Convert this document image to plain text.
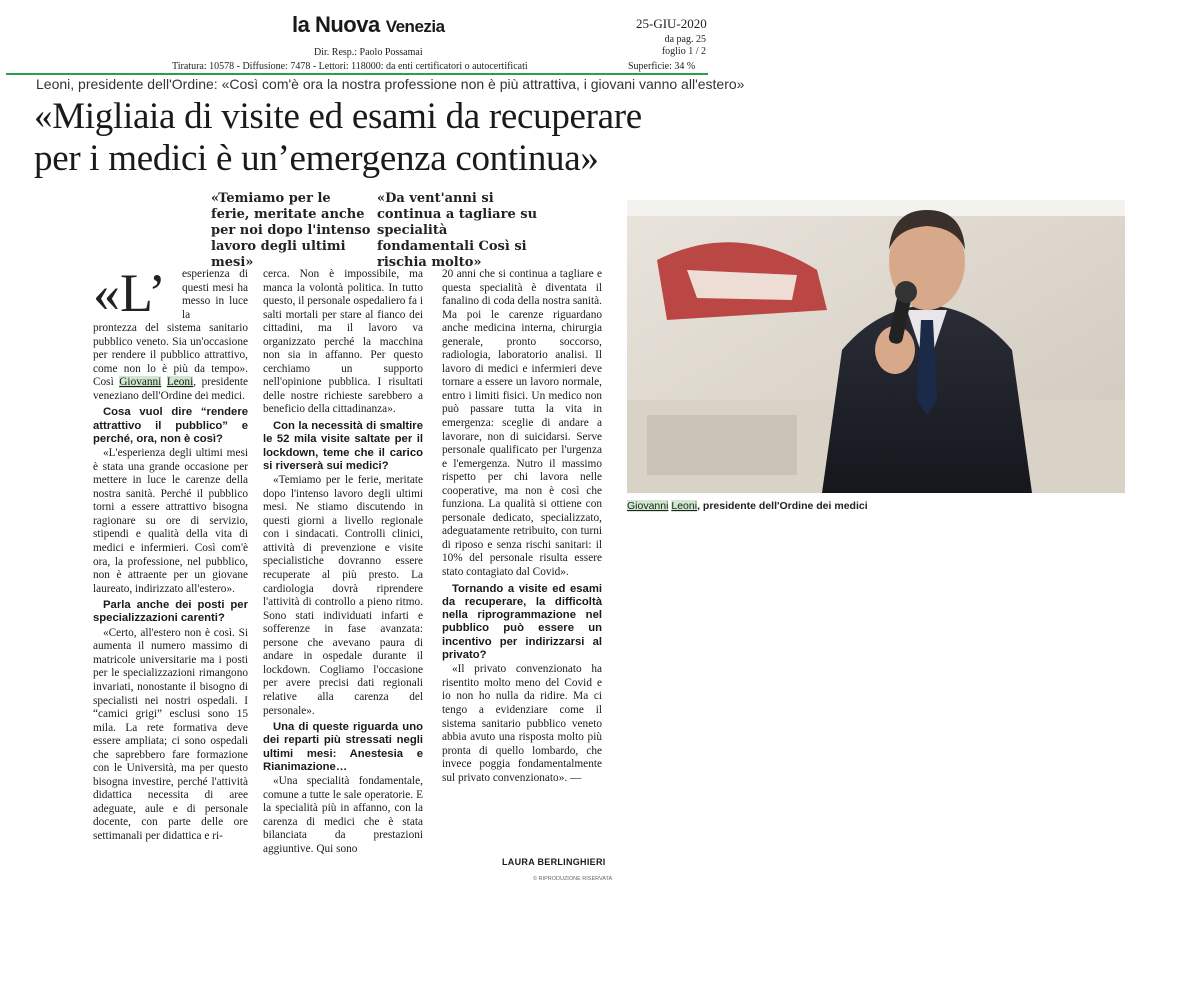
la Nuova Venezia	25-GIU-2020
da pag. 25
foglio 1 / 2
Dir. Resp.: Paolo Possamai
Tiratura: 10578 - Diffusione: 7478 - Lettori: 118000: da enti certificatori o autocertificati	Superficie: 34 %
Leoni, presidente dell'Ordine: «Così com'è ora la nostra professione non è più attrattiva, i giovani vanno all'estero»
«Migliaia di visite ed esami da recuperare
per i medici è un’emergenza continua»
«Temiamo per le ferie, meritate anche per noi dopo l'intenso lavoro degli ultimi mesi»
«Da vent'anni si continua a tagliare su specialità fondamentali Così si rischia molto»
Giovanni Leoni, presidente dell'Ordine dei medici
«L’ esperienza di questi mesi ha messo in luce la

prontezza del sistema sanitario pubblico veneto. Sia un'occasione per rendere il pubblico attrattivo, come non lo è più da tempo». Così Giovanni Leoni, presidente veneziano dell'Ordine dei medici.

Cosa vuol dire “rendere attrattivo il pubblico” e perché, ora, non è così?

«L'esperienza degli ultimi mesi è stata una grande occasione per mettere in luce le carenze della nostra sanità. Perché il pubblico torni a essere attrattivo bisogna ragionare su ore di servizio, stipendi e qualità della vita di medici e infermieri. Così com'è ora, la professione, nel pubblico, non è attraente per un giovane laureato, indirizzato all'estero».

Parla anche dei posti per specializzazioni carenti?

«Certo, all'estero non è così. Si aumenta il numero massimo di matricole universitarie ma i posti per le specializzazioni rimangono invariati, nonostante il bisogno di specialisti nei nostri ospedali. I “camici grigi” esclusi sono 15 mila. La rete formativa deve essere ampliata; ci sono ospedali che saprebbero fare formazione con le Università, ma per questo bisogna investire, perché l'attività didattica necessita di aree adeguate, aule e di personale docente, con parte delle ore settimanali per didattica e ri-

cerca. Non è impossibile, ma manca la volontà politica. In tutto questo, il personale ospedaliero fa i salti mortali per stare al fianco dei cittadini, ma il lavoro va organizzato perché la macchina non sia in affanno. Per questo cerchiamo un supporto nell'opinione pubblica. I risultati delle nostre richieste sarebbero a beneficio della cittadinanza».

Con la necessità di smaltire le 52 mila visite saltate per il lockdown, teme che il carico si riverserà sui medici?

«Temiamo per le ferie, meritate dopo l'intenso lavoro degli ultimi mesi. Ne stiamo discutendo in questi giorni a livello regionale con i sindacati. Controlli clinici, attività di prevenzione e visite specialistiche dovranno essere recuperate al più presto. La cardiologia dovrà riprendere l'attività di controllo a pieno ritmo. Sono stati individuati infarti e sofferenze in fase avanzata: persone che avevano paura di andare in ospedale durante il lockdown. Cogliamo l'occasione per avere precisi dati regionali relative alla carenza del personale».

Una di queste riguarda uno dei reparti più stressati negli ultimi mesi: Anestesia e Rianimazione…

«Una specialità fondamentale, comune a tutte le sale operatorie. E la specialità più in affanno, con la carenza di medici che è stata bilanciata da prestazioni aggiuntive. Qui sono

20 anni che si continua a tagliare e questa specialità è diventata il fanalino di coda della nostra sanità. Ma poi le carenze riguardano anche medicina interna, chirurgia generale, pronto soccorso, radiologia, laboratorio analisi. Il lavoro di medici e infermieri deve tornare a essere un lavoro normale, entro i limiti fisici. Un medico non può passare tutta la vita in emergenza: sceglie di andare a lavorare, non di suicidarsi. Serve personale qualificato per l'urgenza e l'emergenza. Nutro il massimo rispetto per chi lavora nelle cooperative, ma non è così che funziona. La qualità si ottiene con personale dedicato, specializzato, adeguatamente retribuito, con turni di riposo e senza rischi sanitari: il 10% del personale risulta essere stato contagiato dal Covid».

Tornando a visite ed esami da recuperare, la difficoltà nella riprogrammazione nel pubblico può essere un incentivo per indirizzarsi al privato?

«Il privato convenzionato ha risentito molto meno del Covid e io non ho nulla da ridire. Ma ci tengo a evidenziare come il sistema sanitario pubblico veneto abbia avuto una risposta molto più pronta di quello lombardo, che invece poggia fondamentalmente sul privato convenzionato». —

LAURA BERLINGHIERI
© RIPRODUZIONE RISERVATA
